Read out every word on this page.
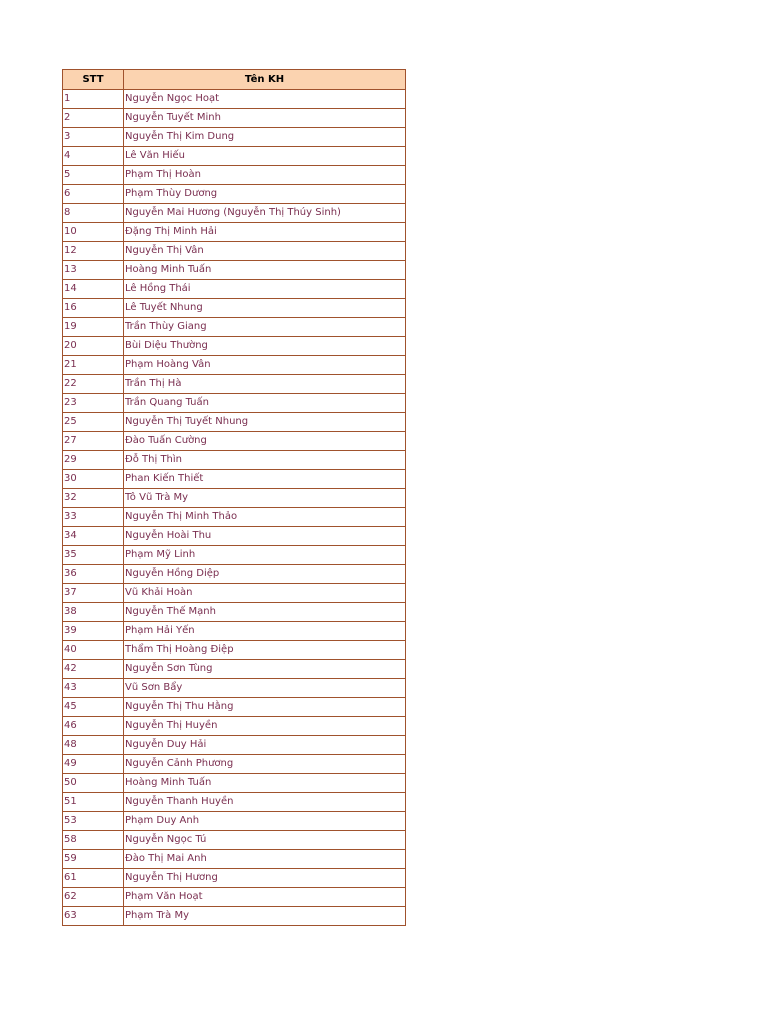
STT	Tên KH
1	Nguyễn Ngọc Hoạt
2	Nguyễn Tuyết Minh
3	Nguyễn Thị Kim Dung
4	Lê Văn Hiếu
5	Phạm Thị Hoàn
6	Phạm Thùy Dương
8	Nguyễn Mai Hương (Nguyễn Thị Thúy Sinh)
10	Đặng Thị Minh Hải
12	Nguyễn Thị Vân
13	Hoàng Minh Tuấn
14	Lê Hồng Thái
16	Lê Tuyết Nhung
19	Trần Thùy Giang
20	Bùi Diệu Thường
21	Phạm Hoàng Vân
22	Trần Thị Hà
23	Trần Quang Tuấn
25	Nguyễn Thị Tuyết Nhung
27	Đào Tuấn Cường
29	Đỗ Thị Thìn
30	Phan Kiến Thiết
32	Tô Vũ Trà My
33	Nguyễn Thị Minh Thảo
34	Nguyễn Hoài Thu
35	Phạm Mỹ Linh
36	Nguyễn Hồng Diệp
37	Vũ Khải Hoàn
38	Nguyễn Thế Mạnh
39	Phạm Hải Yến
40	Thẩm Thị Hoàng Điệp
42	Nguyễn Sơn Tùng
43	Vũ Sơn Bẩy
45	Nguyễn Thị Thu Hằng
46	Nguyễn Thị Huyền
48	Nguyễn Duy Hải
49	Nguyễn Cảnh Phương
50	Hoàng Minh Tuấn
51	Nguyễn Thanh Huyền
53	Phạm Duy Anh
58	Nguyễn Ngọc Tú
59	Đào Thị Mai Anh
61	Nguyễn Thị Hương
62	Phạm Văn Hoạt
63	Phạm Trà My
